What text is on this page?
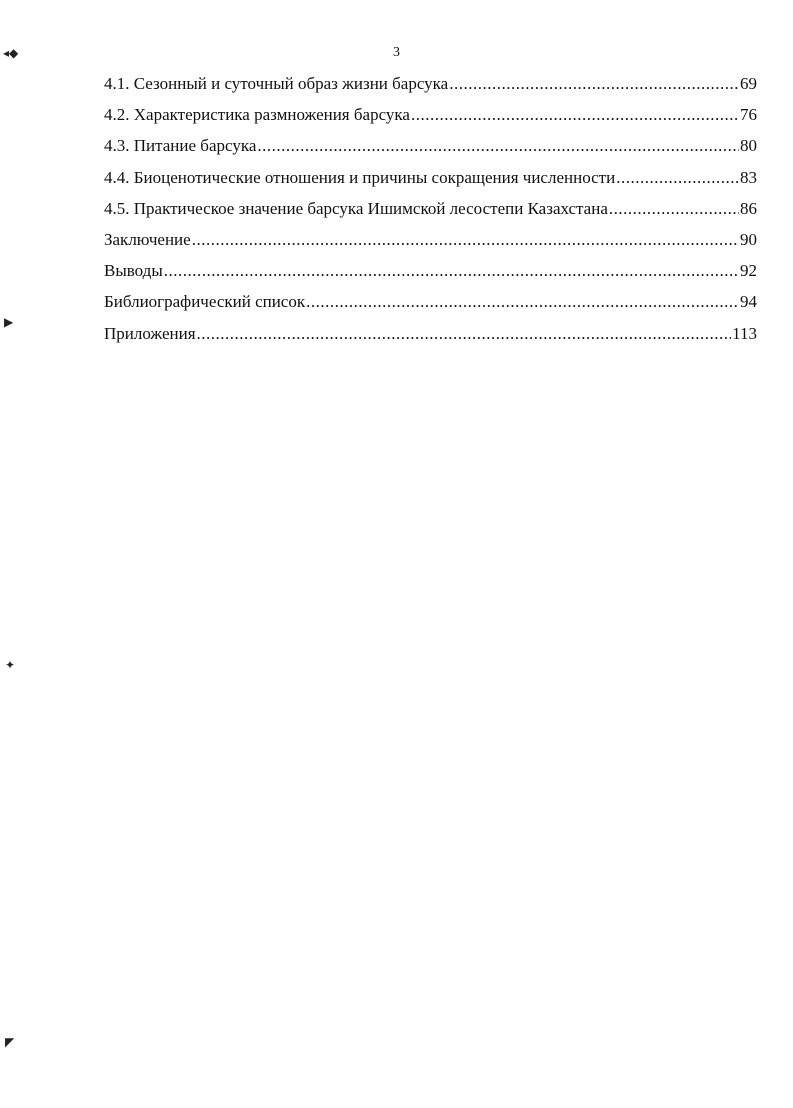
3
4.1. Сезонный и суточный образ жизни барсука .....	69
4.2. Характеристика размножения барсука .....	76
4.3. Питание барсука .....	80
4.4. Биоценотические отношения и причины сокращения численности .....	83
4.5. Практическое значение барсука Ишимской лесостепи Казахстана .....	86
Заключение .....	90
Выводы .....	92
Библиографический список .....	94
Приложения .....	113
◂◆
▶
✦
◤
